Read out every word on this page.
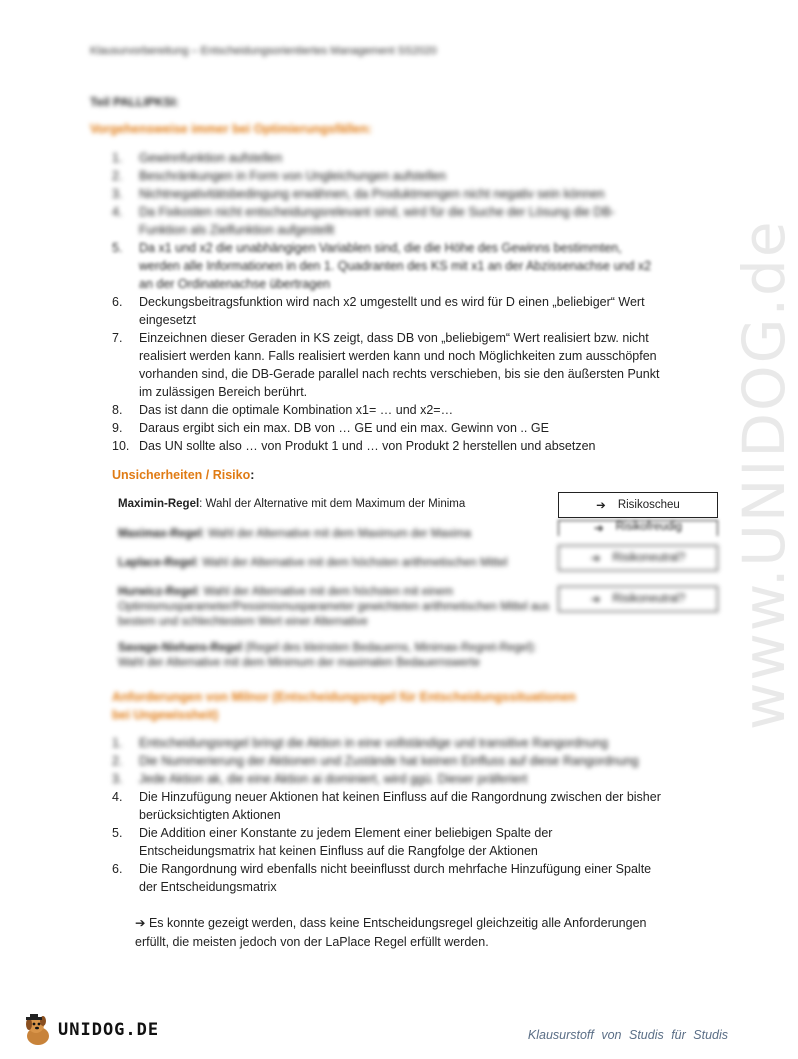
www.UNIDOG.de
Klausurvorbereitung – Entscheidungsorientiertes Management SS2020
Teil PALLIPKSI:
Vorgehensweise immer bei Optimierungsfällen:
1.	Gewinnfunktion aufstellen
2.	Beschränkungen in Form von Ungleichungen aufstellen
3.	Nichtnegativitätsbedingung erwähnen, da Produktmengen nicht negativ sein können
4.	Da Fixkosten nicht entscheidungsrelevant sind, wird für die Suche der Lösung die DB-Funktion als Zielfunktion aufgestellt
5.	Da x1 und x2 die unabhängigen Variablen sind, die die Höhe des Gewinns bestimmten, werden alle Informationen in den 1. Quadranten des KS mit x1 an der Abzissenachse und x2 an der Ordinatenachse übertragen
6.	Deckungsbeitragsfunktion wird nach x2 umgestellt und es wird für D einen „beliebiger“ Wert eingesetzt
7.	Einzeichnen dieser Geraden in KS zeigt, dass DB von „beliebigem“ Wert realisiert bzw. nicht realisiert werden kann. Falls realisiert werden kann und noch Möglichkeiten zum ausschöpfen vorhanden sind, die DB-Gerade parallel nach rechts verschieben, bis sie den äußersten Punkt im zulässigen Bereich berührt.
8.	Das ist dann die optimale Kombination x1= … und x2=…
9.	Daraus ergibt sich ein max. DB von … GE und ein max. Gewinn von .. GE
10. Das UN sollte also … von Produkt 1 und … von Produkt 2 herstellen und absetzen
Unsicherheiten / Risiko:
Maximin-Regel: Wahl der Alternative mit dem Maximum der Minima
Maximax-Regel: Wahl der Alternative mit dem Maximum der Maxima
Laplace-Regel: Wahl der Alternative mit dem höchsten arithmetischen Mittel
Hurwicz-Regel: Wahl der Alternative mit dem höchsten mit einem Optimismusparameter/Pessimismusparameter gewichteten arithmetischen Mittel aus bestem und schlechtestem Wert einer Alternative
Savage-Niehans-Regel (Regel des kleinsten Bedauerns, Minimax-Regret-Regel): Wahl der Alternative mit dem Minimum der maximalen Bedauernswerte
➔ Risikoscheu
➔ Risikofreudig
➔ Risikoneutral?
➔ Risikoneutral?
Anforderungen von Milnor (Entscheidungsregel für Entscheidungssituationen bei Ungewissheit)
1.	Entscheidungsregel bringt die Aktion in eine vollständige und transitive Rangordnung
2.	Die Nummerierung der Aktionen und Zustände hat keinen Einfluss auf diese Rangordnung
3.	Jede Aktion ak, die eine Aktion ai dominiert, wird ggü. Dieser präferiert
4.	Die Hinzufügung neuer Aktionen hat keinen Einfluss auf die Rangordnung zwischen der bisher berücksichtigten Aktionen
5.	Die Addition einer Konstante zu jedem Element einer beliebigen Spalte der Entscheidungsmatrix hat keinen Einfluss auf die Rangfolge der Aktionen
6.	Die Rangordnung wird ebenfalls nicht beeinflusst durch mehrfache Hinzufügung einer Spalte der Entscheidungsmatrix
➔ Es konnte gezeigt werden, dass keine Entscheidungsregel gleichzeitig alle Anforderungen erfüllt, die meisten jedoch von der LaPlace Regel erfüllt werden.
UNIDOG.DE	Klausurstoff von Studis für Studis
